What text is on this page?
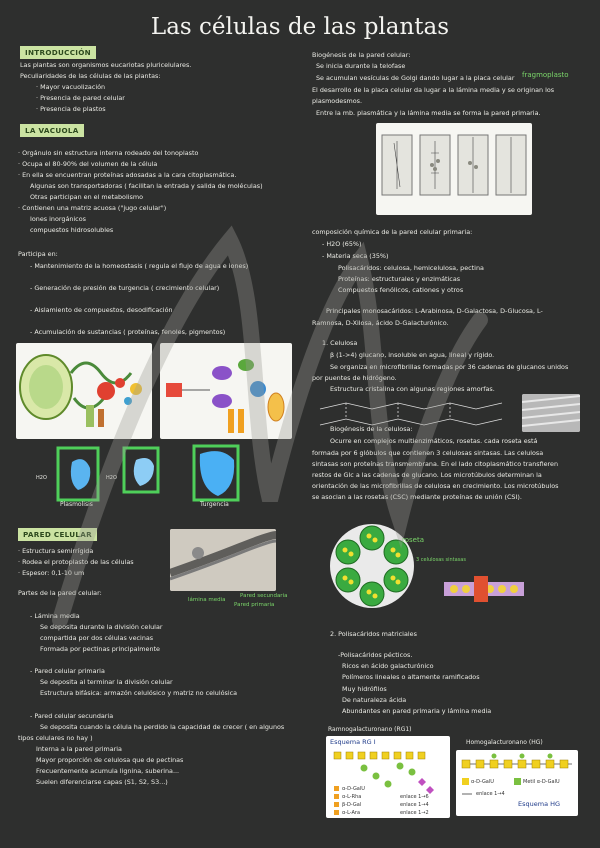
Las células de las plantas
INTRODUCCIÓN
Las plantas son organismos eucariotas pluricelulares.
Peculiaridades de las células de las plantas:
· Mayor vacuolización
· Presencia de pared celular
· Presencia de plastos
LA VACUOLA
· Orgánulo sin estructura interna rodeado del tonoplasto
· Ocupa el 80-90% del volumen de la célula
· En ella se encuentran proteínas adosadas a la cara citoplasmática.
Algunas son transportadoras ( facilitan la entrada y salida de moléculas)
Otras participan en el metabolismo
· Contienen una matriz acuosa ("jugo celular")
Iones inorgánicos
compuestos hidrosolubles
Participa en:
- Mantenimiento de la homeostasis ( regula el flujo de agua e iones)
- Generación de presión de turgencia ( crecimiento celular)
- Aislamiento de compuestos, desodificación
- Acumulación de sustancias ( proteínas, fenoles, pigmentos)
H2O	H2O
Plasmolisis	Turgencia
PARED CELULAR
· Estructura semirrígida
· Rodea el protoplasto de las células
· Espesor: 0,1-10 um
lámina media
Pared secundaria
Pared primaria
Partes de la pared celular:
- Lámina media
Se deposita durante la división celular
compartida por dos células vecinas
Formada por pectinas principalmente
- Pared celular primaria
Se deposita al terminar la división celular
Estructura bifásica: armazón celulósico y matriz no celulósica
- Pared celular secundaria
Se deposita cuando la célula ha perdido la capacidad de crecer ( en algunos
tipos celulares no hay )
Interna a la pared primaria
Mayor proporción de celulosa que de pectinas
Frecuentemente acumula lignina, suberina...
Suelen diferenciarse capas (S1, S2, S3...)
Biogénesis de la pared celular:
Se inicia durante la telofase
Se acumulan vesículas de Golgi dando lugar a la placa celular fragmoplasto
El desarrollo de la placa celular da lugar a la lámina media y se originan los
plasmodesmos.
Entre la mb. plasmática y la lámina media se forma la pared primaria.
composición química de la pared celular primaria:
- H2O (65%)
- Materia seca (35%)
Polisacáridos: celulosa, hemicelulosa, pectina
Proteínas: estructurales y enzimáticas
Compuestos fenólicos, cationes y otros
Principales monosacáridos: L-Arabinosa, D-Galactosa, D-Glucosa, L-
Ramnosa, D-Xilosa, ácido D-Galacturónico.
1. Celulosa
β (1->4) glucano, insoluble en agua, lineal y rígido.
Se organiza en microfibrillas formadas por 36 cadenas de glucanos unidos
por puentes de hidrógeno.
Estructura cristalina con algunas regiones amorfas.
Biogénesis de la celulosa:
Ocurre en complejos multienzimáticos, rosetas. cada roseta está
formada por 6 glóbulos que contienen 3 celulosas sintasas. Las celulosa
sintasas son proteínas transmembrana. En el lado citoplasmático transfieren
restos de Glc a las cadenas de glucano. Los microtúbulos determinan la
orientación de las microfibrillas de celulosa en crecimiento. Los microtúbulos
se asocian a las rosetas (CSC) mediante proteínas de unión (CSI).
roseta
3 celulosas sintasas
2. Polisacáridos matriciales
-Polisacáridos pécticos.
Ricos en ácido galacturónico
Polímeros lineales o altamente ramificados
Muy hidrófilos
De naturaleza ácida
Abundantes en pared primaria y lámina media
Ramnogalacturonano (RG1)
Homogalacturonano (HG)
Esquema RG I
α-D-GalU
α-L-Rha
β-D-Gal
α-L-Ara
enlace 1→6
enlace 1→4
enlace 1→2
α-D-GalU	Metil α-D-GalU
enlace 1→4
Esquema HG
